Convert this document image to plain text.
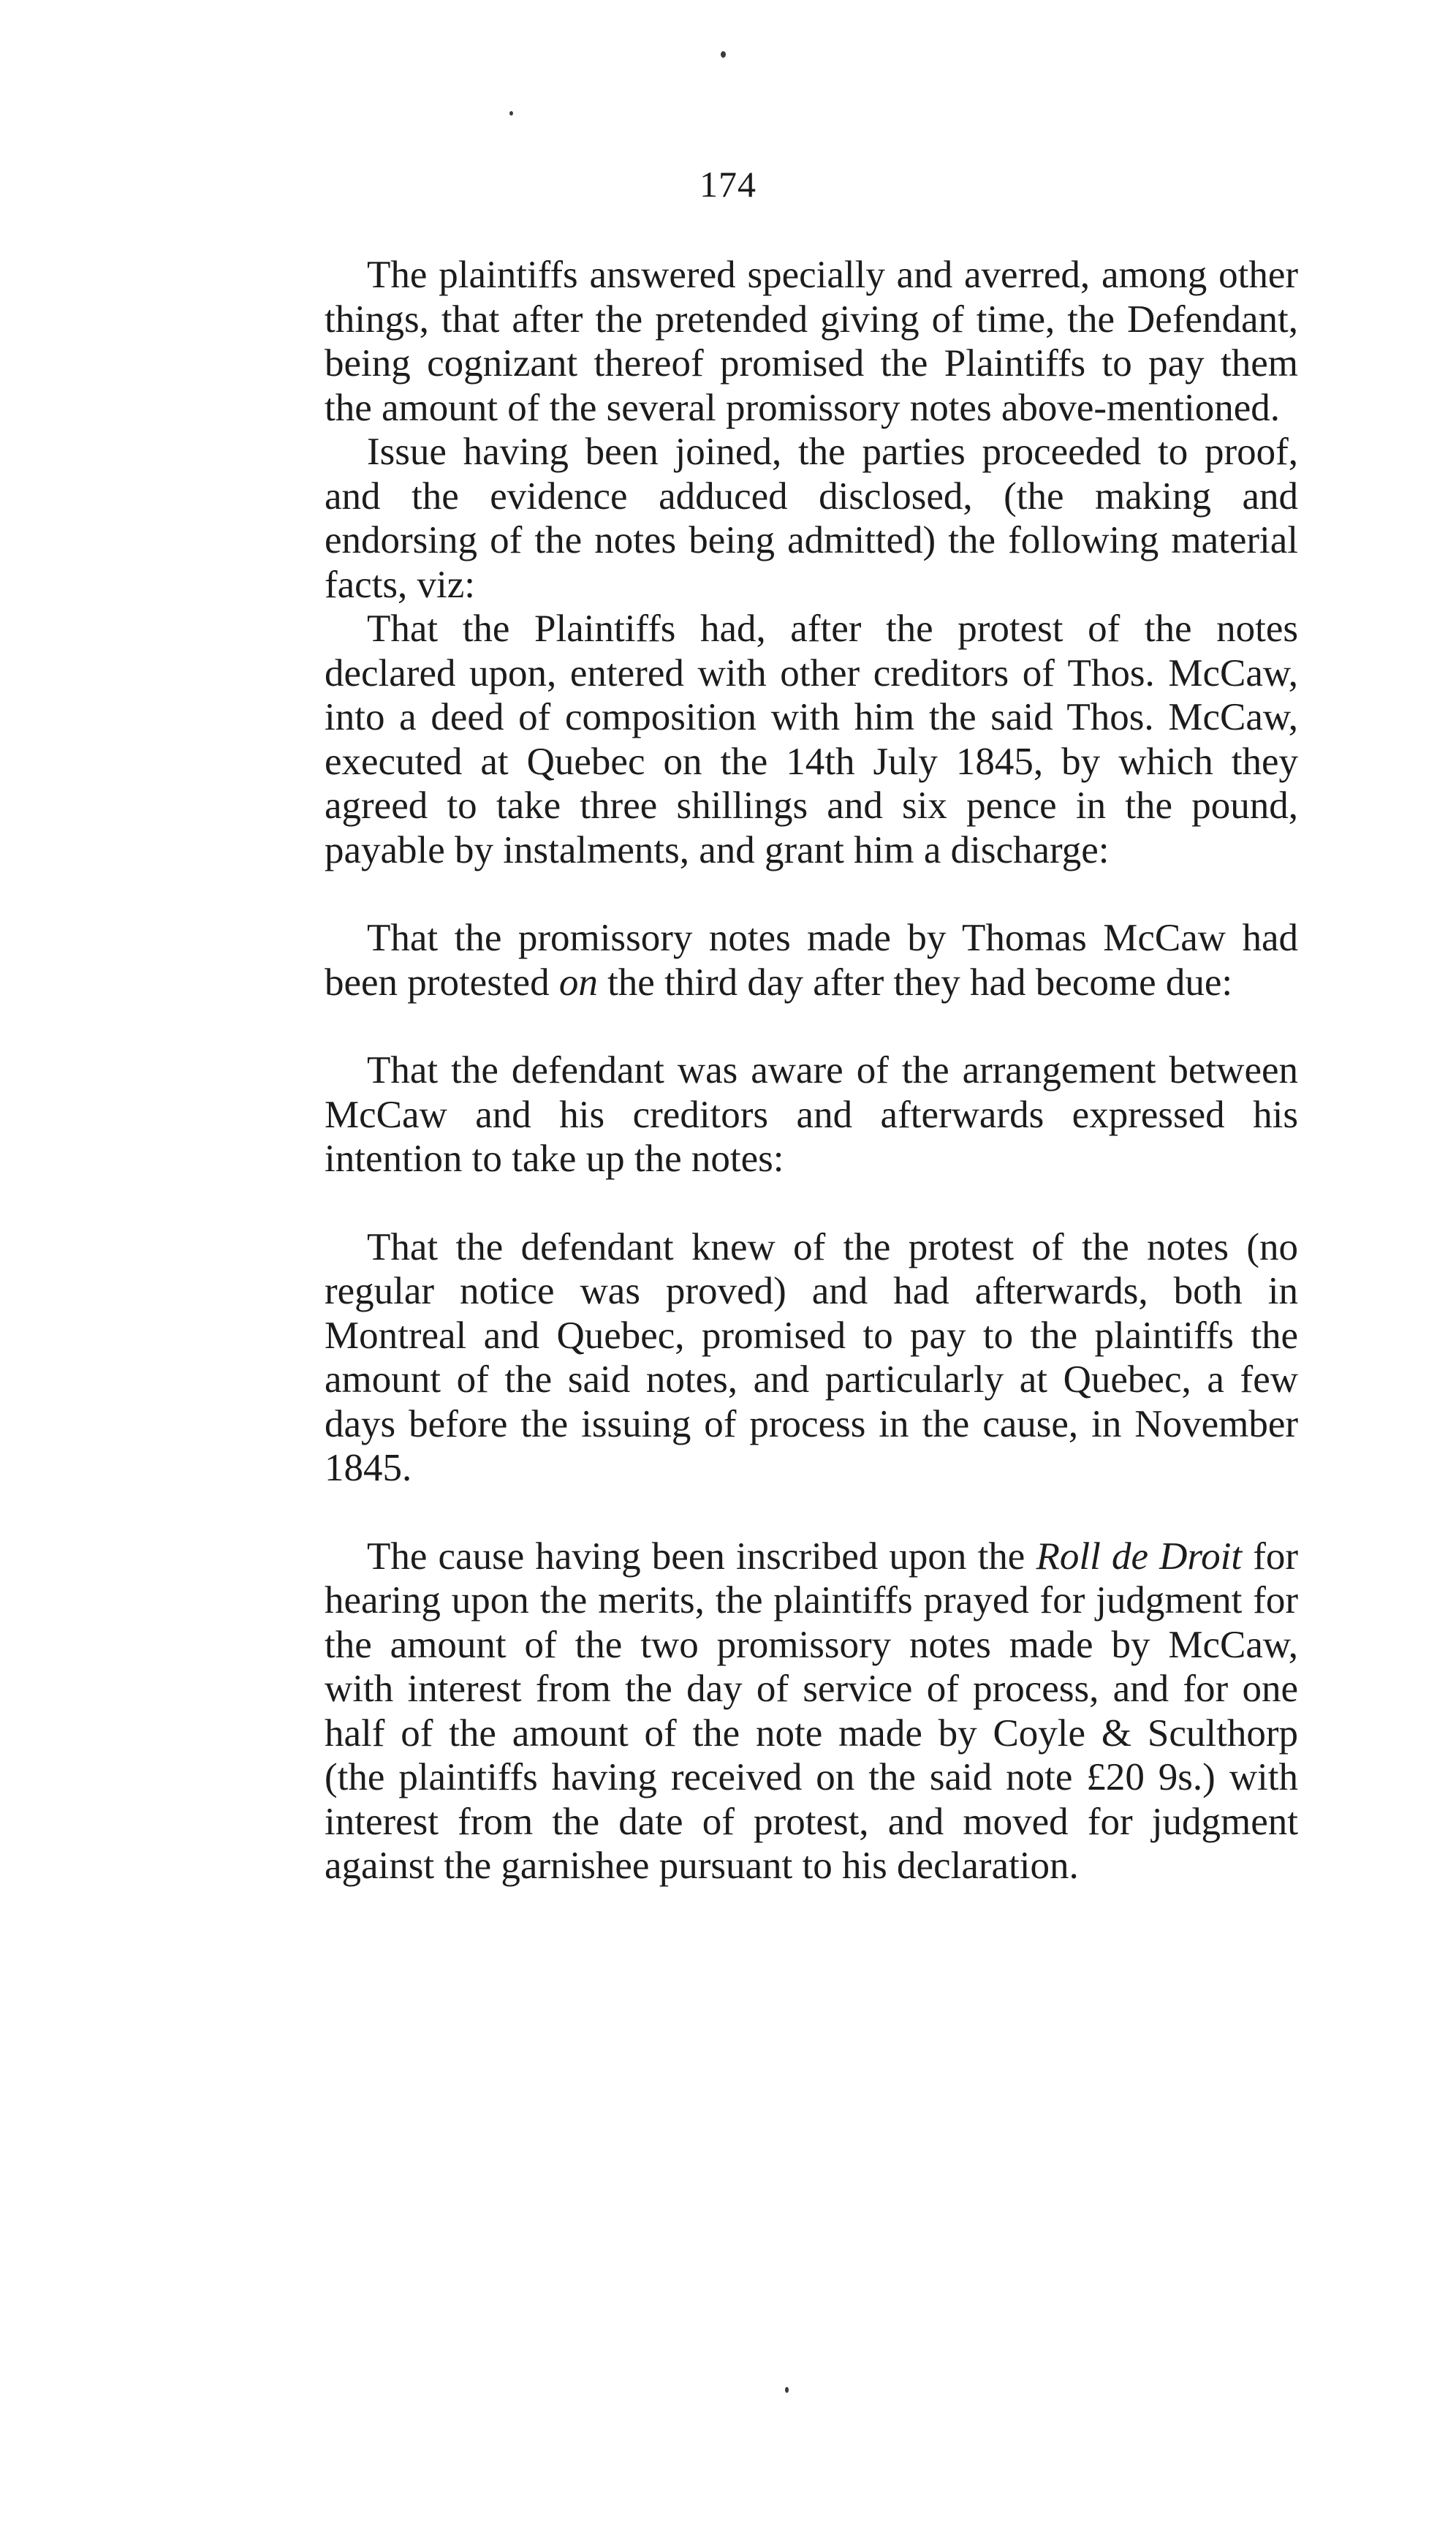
174

The plaintiffs answered specially and averred, among other things, that after the pretended giving of time, the Defendant, being cognizant thereof promised the Plaintiffs to pay them the amount of the several promissory notes above-mentioned.

Issue having been joined, the parties proceeded to proof, and the evidence adduced disclosed, (the making and endorsing of the notes being admitted) the following material facts, viz:

That the Plaintiffs had, after the protest of the notes declared upon, entered with other creditors of Thos. McCaw, into a deed of composition with him the said Thos. McCaw, executed at Quebec on the 14th July 1845, by which they agreed to take three shillings and six pence in the pound, payable by instalments, and grant him a discharge:

That the promissory notes made by Thomas McCaw had been protested on the third day after they had become due:

That the defendant was aware of the arrangement between McCaw and his creditors and afterwards expressed his intention to take up the notes:

That the defendant knew of the protest of the notes (no regular notice was proved) and had afterwards, both in Montreal and Quebec, promised to pay to the plaintiffs the amount of the said notes, and particularly at Quebec, a few days before the issuing of process in the cause, in November 1845.

The cause having been inscribed upon the Roll de Droit for hearing upon the merits, the plaintiffs prayed for judgment for the amount of the two promissory notes made by McCaw, with interest from the day of service of process, and for one half of the amount of the note made by Coyle & Sculthorp (the plaintiffs having received on the said note £20 9s.) with interest from the date of protest, and moved for judgment against the garnishee pursuant to his declaration.
